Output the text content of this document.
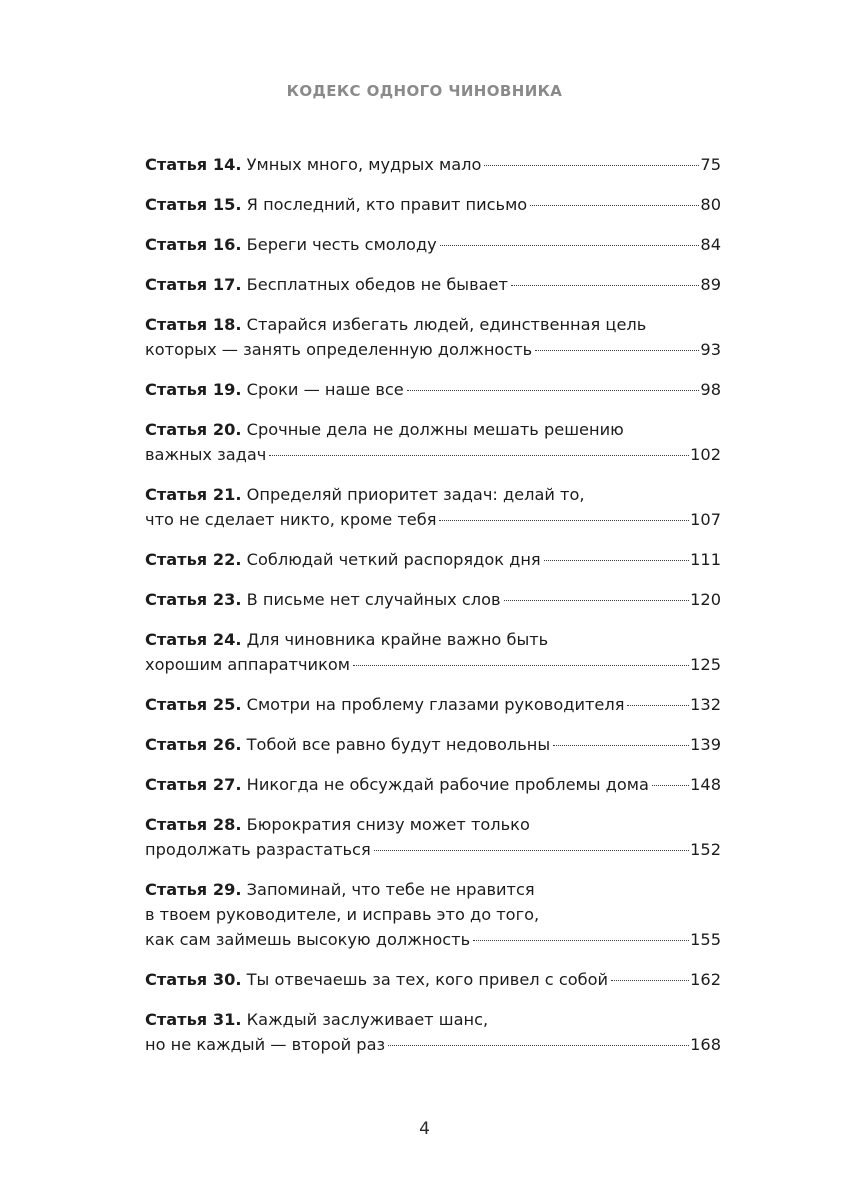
КОДЕКС ОДНОГО ЧИНОВНИКА
Статья 14. Умных много, мудрых мало	75
Статья 15. Я последний, кто правит письмо	80
Статья 16. Береги честь смолоду	84
Статья 17. Бесплатных обедов не бывает	89
Статья 18. Старайся избегать людей, единственная цель
которых — занять определенную должность	93
Статья 19. Сроки — наше все	98
Статья 20. Срочные дела не должны мешать решению
важных задач	102
Статья 21. Определяй приоритет задач: делай то,
что не сделает никто, кроме тебя	107
Статья 22. Соблюдай четкий распорядок дня	111
Статья 23. В письме нет случайных слов	120
Статья 24. Для чиновника крайне важно быть
хорошим аппаратчиком	125
Статья 25. Смотри на проблему глазами руководителя	132
Статья 26. Тобой все равно будут недовольны	139
Статья 27. Никогда не обсуждай рабочие проблемы дома	148
Статья 28. Бюрократия снизу может только
продолжать разрастаться	152
Статья 29. Запоминай, что тебе не нравится
в твоем руководителе, и исправь это до того,
как сам займешь высокую должность	155
Статья 30. Ты отвечаешь за тех, кого привел с собой	162
Статья 31. Каждый заслуживает шанс,
но не каждый — второй раз	168
4
